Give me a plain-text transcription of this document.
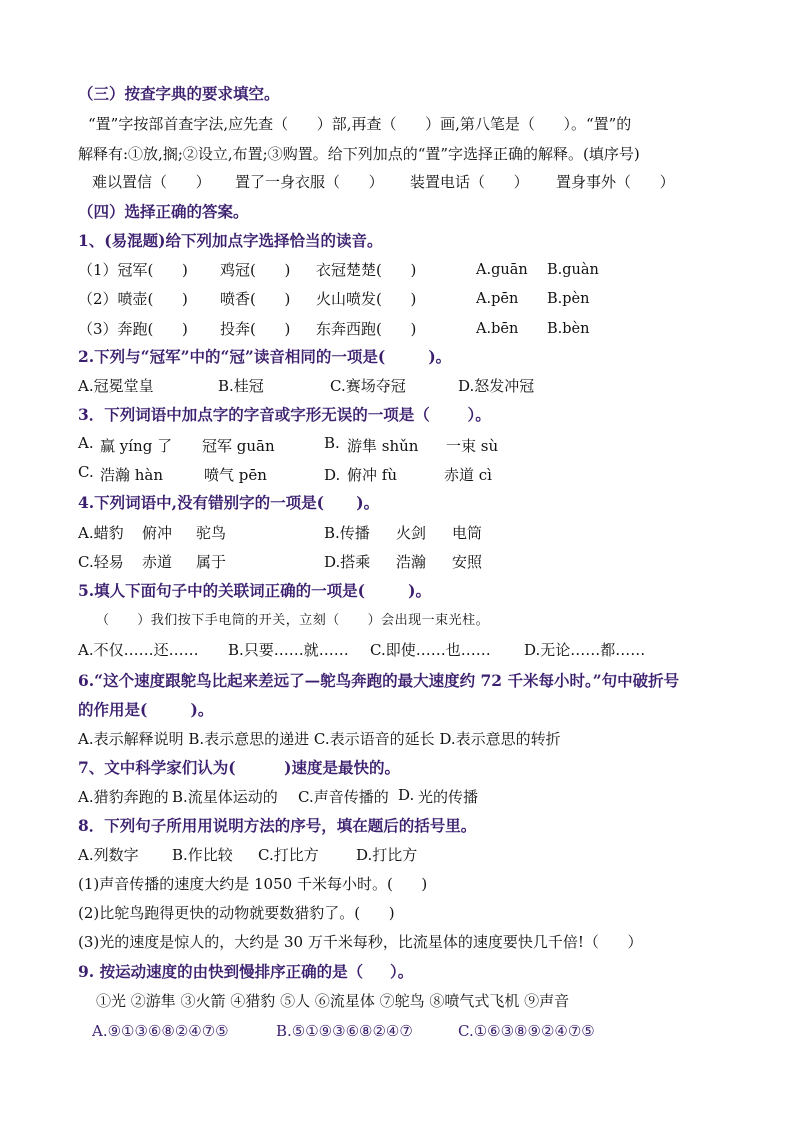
（三）按查字典的要求填空。
“置”字按部首查字法,应先查（      ）部,再查（      ）画,第八笔是（      ）。“置”的
解释有:①放,搁;②设立,布置;③购置。给下列加点的“置”字选择正确的解释。(填序号)
难以置信（      ） 置了一身衣服（      ） 装置电话（      ） 置身事外（      ）
（四）选择正确的答案。
1、(易混题)给下列加点字选择恰当的读音。
（1）冠军(      ) 鸡冠(      ) 衣冠楚楚(      )	A.guān B.guàn
（2）喷壶(      ) 喷香(      ) 火山喷发(      )	A.pēn B.pèn
（3）奔跑(      ) 投奔(      ) 东奔西跑(      )	A.bēn B.bèn
2.下列与“冠军”中的“冠”读音相同的一项是(        )。
A.冠冕堂皇	B.桂冠	C.赛场夺冠	D.怒发冲冠
3．下列词语中加点字的字音或字形无误的一项是（       ）。
A. 赢 yíng 了 冠军 guān	B. 游隼 shǔn 一束 sù
C. 浩瀚 hàn	喷气 pēn	D. 俯冲 fù	赤道 cì
4.下列词语中,没有错别字的一项是(      )。
A.蜡豹 俯冲 驼鸟	B.传播 火剑 电筒
C.轻易 赤道 属于	D.搭乘 浩瀚 安照
5.填人下面句子中的关联词正确的一项是(        )。
（      ）我们按下手电筒的开关，立刻（      ）会出现一束光柱。
A.不仅……还…… B.只要……就…… C.即使……也…… D.无论……都……
6.“这个速度跟鸵鸟比起来差远了—鸵鸟奔跑的最大速度约 72 千米每小时。”句中破折号
的作用是(        )。
A.表示解释说明 B.表示意思的递进 C.表示语音的延长 D.表示意思的转折
7、文中科学家们认为(         )速度是最快的。
A.猎豹奔跑的 B.流星体运动的 C.声音传播的 D. 光的传播
8．下列句子所用用说明方法的序号，填在题后的括号里。
A.列数字 B.作比较 C.打比方 D.打比方
(1)声音传播的速度大约是 1050 千米每小时。(      )
(2)比鸵鸟跑得更快的动物就要数猎豹了。(      )
(3)光的速度是惊人的，大约是 30 万千米每秒，比流星体的速度要快几千倍!（      ）
9. 按运动速度的由快到慢排序正确的是（     ）。
①光 ②游隼 ③火箭 ④猎豹 ⑤人 ⑥流星体 ⑦鸵鸟 ⑧喷气式飞机 ⑨声音
A.⑨①③⑥⑧②④⑦⑤	B.⑤①⑨③⑥⑧②④⑦	C.①⑥③⑧⑨②④⑦⑤
